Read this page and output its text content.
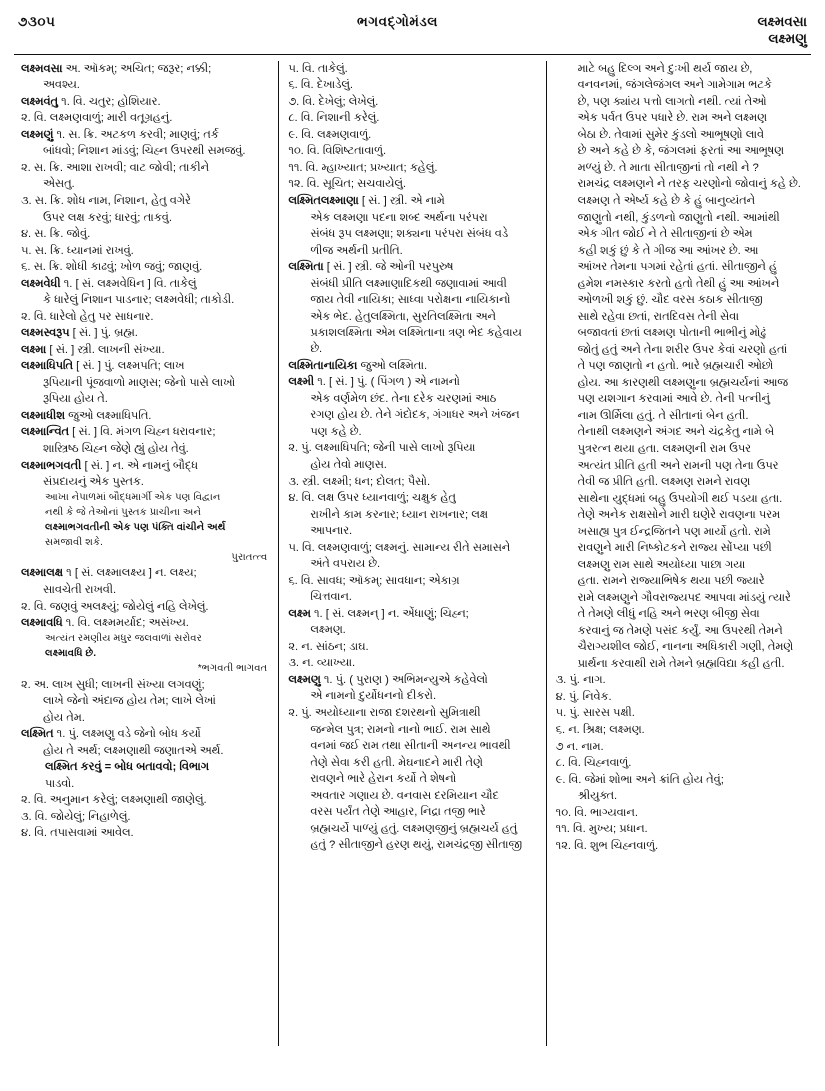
૭૩૦૫	ભગવદ્ગોમંડલ	લક્ષ્મવસા
લક્ષ્મણુ
લક્ષ્મવસા અ. ઑકમ્; અચિત; જરૂર; નક્કી;
અવશ્ય.
લક્ષ્મવંતુ ૧. વિ. ચતુર; હોશિયાર.
૨. વિ. લક્ષ્મણવાળું; મારી વતૂગ્રહનું.
લક્ષ્મણું ૧. સ. ક્રિ. અટકળ કરવી; માણવું; તર્ક
બાંધવો; નિશાન માંડવું; ચિહ્ન ઉપરથી સમજવું.
૨. સ. ક્રિ. આશા રાખવી; વાટ જોવી; તાકીને
એસતુ.
૩. સ. ક્રિ. શોધ નામ, નિશાન, હેતુ વગેરે
ઉપર લક્ષ કરવું; ધારવું; તાકવું.
૪. સ. ક્રિ. જોવું.
૫. સ. ક્રિ. ધ્યાનમાં રાખવું.
૬. સ. ક્રિ. શોધી કાઢવું; ખોળ જવું; જાણવું.
લક્ષ્મવેધી ૧. [ સં. લક્ષ્મવેધિન ] વિ. તાકેલું
કે ધારેલું નિશાન પાડનાર; લક્ષ્મવેધી; તાકોડી.
૨. વિ. ધારેલો હેતુ પર સાધનાર.
લક્ષ્મસ્વરૂપ [ સં. ] પું. બ્રહ્મ.
લક્ષ્મા [ સં. ] સ્ત્રી. લાખની સંખ્યા.
લક્ષ્માધિપતિ [ સં. ] પું. લક્ષ્મપતિ; લાખ
રૂપિયાની પૂંજવાળો માણસ; જેનો પાસે લાખો
રૂપિયા હોય તે.
લક્ષ્માધીશ જુઓ લક્ષ્માધિપતિ.
લક્ષ્માન્વિત [ સં. ] વિ. મંગળ ચિહ્ન ધરાવનાર;
શાસ્ત્રિષ્ઠ ચિહ્ન જેણે હ્યું હોય તેવું.
લક્ષ્માભગવતી [ સં. ] ન. એ નામનું બૌદ્ધ
સંપ્રદાયનું એક પુસ્તક.
આખા નેપાળમાં બૌદ્ધમાર્ગી એક પણ વિદ્વાન
નથી કે જે તેઓનાં પુસ્તક પ્રાચીના અને
લક્ષ્માભગવતીની એક પણ પંક્તિ વાંચીને અર્થ
સમજાવી શકે.
પુરાતત્ત્વ
લક્ષ્માલક્ષ ૧ [ સં. લક્ષ્માલક્ષ્ય ] ન. લક્ષ્ય;
સાવચેતી રાખવી.
૨. વિ. જણવું અલક્ષ્યું; જોયેલું નહિ લેખેલું.
લક્ષ્માવધિ ૧. વિ. લક્ષ્મમર્યાદ; અસંખ્ય.
અત્યંત રમણીય મધુર જલવાળાં સરોવર
લક્ષ્માવધિ છે.
*ભગવતી ભાગવત
૨. અ. લાખ સુધી; લાખની સંખ્યા લગવણું;
લાખે જેનો અંદાજ હોય તેમ; લાખે લેખાં
હોય તેમ.
લક્ષ્મિત ૧. પું. લક્ષ્મણુ વડે જેનો બોધ કર્યો
હોય તે અર્થ; લક્ષ્મણાથી જણાતએ અર્થ.
લક્ષ્મિત કરવું = બોધ બતાવવો; વિભાગ
પાડવો.
૨. વિ. અનુમાન કરેલું; લક્ષ્મણાથી જાણેલું.
૩. વિ. જોયેલું; નિહાળેલું.
૪. વિ. તપાસવામાં આવેલ.
૫. વિ. તાકેલું.
૬. વિ. દેખાડેલું.
૭. વિ. દેખેલું; લેખેલું.
૮. વિ. નિશાની કરેલું.
૯. વિ. લક્ષ્મણવાળું.
૧૦. વિ. વિશિષ્ટતાવાળું.
૧૧. વિ. મ્હાખ્યાત; પ્રખ્યાત; કહેલું.
૧૨. વિ. સૂચિત; સચવાયેલું.
લક્ષ્મિતલક્ષ્માણા [ સં. ] સ્ત્રી. એ નામે
એક લક્ષ્મણા પદના શબ્દ અર્થના પરંપરા
સંબંધ રૂપ લક્ષ્મણા; શક્યના પરંપરા સંબંધ વડે
ળીજ અર્થની પ્રતીતિ.
લક્ષ્મિતા [ સં. ] સ્ત્રી. જે ઓની પરપુરુષ
સંબંધી પ્રીતિ લક્ષ્માણાદિકથી જણાવામાં આવી
જાય તેવી નાયિકા; સાધ્વા પરોક્ષના નાયિકાનો
એક ભેદ. હેતુલક્ષ્મિતા, સુરતિલક્ષ્મિતા અને
પ્રકાશલક્ષ્મિતા એમ લક્ષ્મિતાના ત્રણ ભેદ કહેવાય છે.
લક્ષ્મિતાનાયિકા જુઓ લક્ષ્મિતા.
લક્ષ્મી ૧. [ સં. ] પું. ( પિંગળ ) એ નામનો
એક વર્ણમેળ છંદ. તેના દરેક ચરણમાં આઠ
રગણ હોય છે. તેને ગંદોદક, ગંગાધર અને ખંજન
પણ કહે છે.
૨. પું. લક્ષ્માધિપતિ; જેની પાસે લાખો રૂપિયા
હોય તેવો માણસ.
૩. સ્ત્રી. લક્ષ્મી; ધન; દોલત; પૈસો.
૪. વિ. લક્ષ ઉપર ધ્યાનવાળું; ચક્ષુક હેતુ
રાખીને કામ કરનાર; ધ્યાન રાખનાર; લક્ષ
આપનાર.
૫. વિ. લક્ષ્મણવાળું; લક્ષ્મનું. સામાન્ય રીતે સમાસને
અંતે વપરાય છે.
૬. વિ. સાવધ; ઑકમ્; સાવધાન; એકાગ્ર
ચિત્તવાન.
લક્ષ્મ ૧. [ સં. લક્ષ્મન્ ] ન. એંધાણું; ચિહ્ન;
લક્ષ્મણ.
૨. ન. સાંઠન; ડાઘ.
૩. ન. વ્યાખ્યા.
લક્ષ્મણુ ૧. પું. ( પુરાણ ) અભિમન્યુએ કહેવેલો
એ નામનો દુર્યોધનનો દીકરો.
૨. પું. અયોધ્યાના રાજા દશરથનો સુમિત્રાથી
જન્મેલ પુત્ર; રામનો નાનો ભાઈ. રામ સાથે
વનમાં જઈ રામ તથા સીતાની અનન્ય ભાવથી
તેણે સેવા કરી હતી. મેઘનાદને મારી તેણે
રાવણને ભારે હેરાન કર્યો તે શેષનો
અવતાર ગણાય છે. વનવાસ દરમિયાન ચૌદ
વરસ પર્યંત તેણે આહાર, નિદ્રા તજી ભારે
બ્રહ્મચર્યે પાળ્યું હતું. લક્ષ્મણજીનું બ્રહ્મચર્ય હતું
હતું ? સીતાજીને હરણ થયું, રામચંદ્રજી સીતાજી
માટે બહુ દિલ્ગ અને દુઃખી થર્ય જાય છે,
વનવનમાં, જંગલેજંગલ અને ગામેગામ ભટકે
છે, પણ ક્યાંય પત્તો લાગતો નથી. ત્યાં તેઓ
એક પર્વત ઉપર પધારે છે. રામ અને લક્ષ્મણ
બેઠા છે. તેવામાં સુમેર કુંડલો આભૂષણો લાવે
છે અને કહે છે કે, જંગલમાં ફરતાં આ આભૂષણ
મળ્યું છે. તે માતા સીતાજીનાં તો નથી ને ?
રામચંદ્ર લક્ષ્મણને ને તરફ ચરણોનો જોવાનું કહે છે.
લક્ષ્મણ તે એર્ષ્ય કહે છે કે હું બાનુવ્યંતને
જાણુતો નથી, કુંડળનો જાણુતો નથી. આમાંથી
એક ગીત જોઈ ને તે સીતાજીનાં છે એમ
કહી શકું છું કે તે ગીજ આ આંખર છે. આ
આંખર તેમના પગમાં રહેતાં હતાં. સીતાજીને હું
હમેશ નમસ્કાર કરતો હતો તેથી હું આ આંખને
ઓળખી શકું છું. ચૌદ વરસ કઠાક સીતાજી
સાથે રહેવા છતાં, રાતદિવસ તેની સેવા
બજાવતાં છતાં લક્ષ્મણ પોતાની ભાભીનું મોઢું
જોતું હતું અને તેના શરીર ઉપર કેવાં ચરણો હતાં
તે પણ જાણતો ન હતો. ભારે બ્રહ્મચારી ઓછો
હોય. આ કારણથી લક્ષ્મણુના બ્રહ્મચર્યનાં આજ
પણ યશગાન કરવામાં આવે છે. તેની પત્નીનું
નામ ઊર્મિલા હતું. તે સીતાનાં બેન હતી.
તેનાથી લક્ષ્મણને અંગદ અને ચંદ્રકેતુ નામે બે
પુત્રરત્ન થયા હતા. લક્ષ્મણની રામ ઉપર
અત્યંત પ્રીતિ હતી અને રામની પણ તેના ઉપર
તેવી જ પ્રીતિ હતી. લક્ષ્મણ રામને રાવણ
સાથેના યુદ્ધમાં બહુ ઉપયોગી થઈ પડયા હતા.
તેણે અનેક રાક્ષસોને મારી ઘણેરે રાવણના પરમ
ખસાહ્ય પુત્ર ઈન્દ્રજિતને પણ માર્યો હતો. રામે
રાવણુને મારી નિષ્કોટકને રાજ્ય સોંપ્યા પછી
લક્ષ્મણુ રામ સાથે અયોધ્યા પાછા ગયા
હતા. રામને રાજ્યાભિષેક થયા પછી જ્યારે
રામે લક્ષ્મણુને ગૌવરાજ્યપદ આપવા માંડયું ત્યારે
તે તેમણે લીધું નહિ અને ભરણ બીજી સેવા
કરવાનું જ તેમણે પસંદ કર્યું. આ ઉપરથી તેમને
ચૈરાગ્યશીલ જોઈ, નાનના અધિકારી ગણી, તેમણે
પ્રાર્થના કરવાથી રામે તેમને બ્રહ્મવિદ્યા કહી હતી.
૩. પું. નાગ.
૪. પું. નિવેક.
૫. પું. સારસ પક્ષી.
૬. ન. શ્રિક્ષ; લક્ષ્મણ.
૭ ન. નામ.
૮. વિ. ચિહ્નવાળું.
૯. વિ. જેમાં શોભા અને ક્રાંતિ હોય તેવું;
શ્રીયુક્ત.
૧૦. વિ. ભાગ્યવાન.
૧૧. વિ. મુખ્ય; પ્રધાન.
૧૨. વિ. શુભ ચિહ્નવાળું.
